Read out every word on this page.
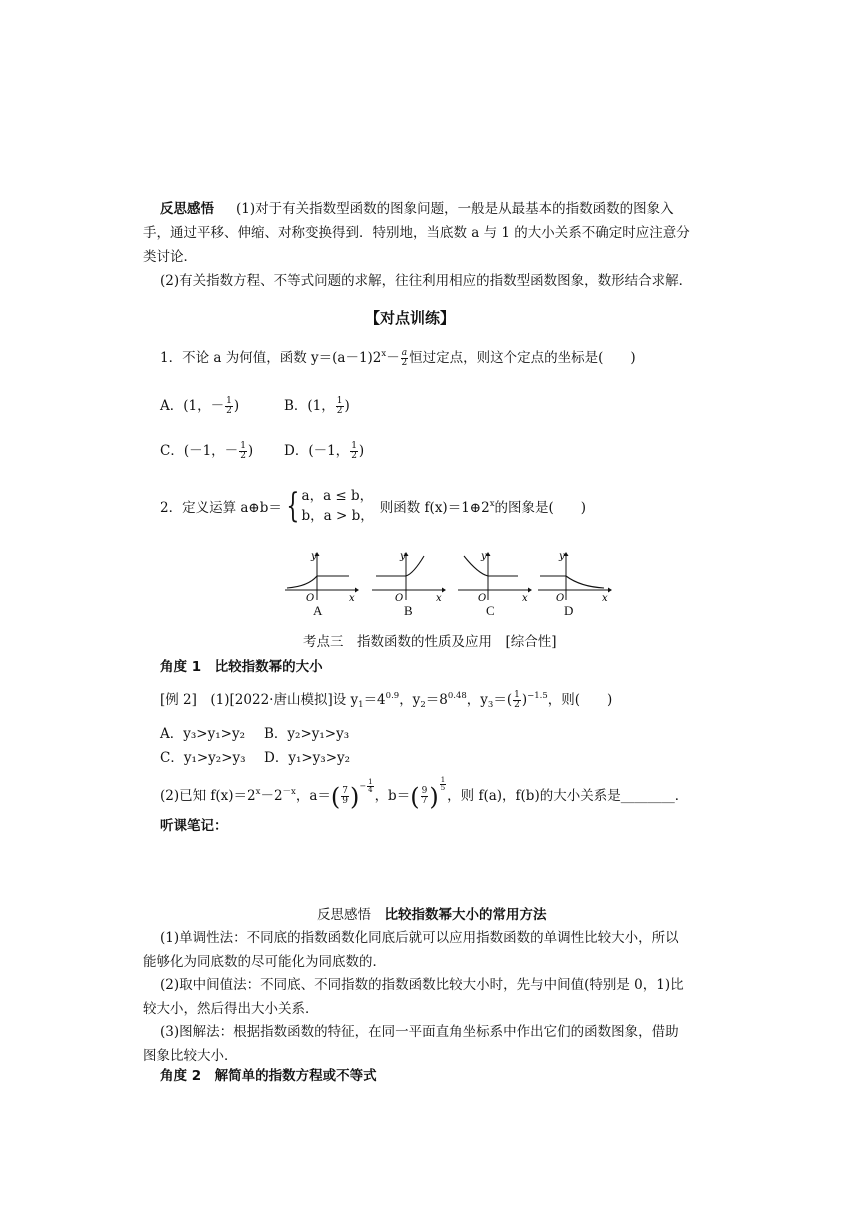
反思感悟 (1)对于有关指数型函数的图象问题，一般是从最基本的指数函数的图象入
手，通过平移、伸缩、对称变换得到．特别地，当底数 a 与 1 的大小关系不确定时应注意分
类讨论．
(2)有关指数方程、不等式问题的求解，往往利用相应的指数型函数图象，数形结合求解．
【对点训练】
1．不论 a 为何值，函数 $y=(a-1)2^x- \frac{a}{2}$ 恒过定点，则这个定点的坐标是(　　)
A．(1，－ $\frac{1}{2}$ )	B．(1， $\frac{1}{2}$ )
C．(－1，－ $\frac{1}{2}$ ) D．(－1， $\frac{1}{2}$ )
2．定义运算 a⊕b＝ { a，a ≤ b，
b，a > b， 则函数 $f(x)=1\oplus 2^x$的图象是(　　)
y
x
O
y
x
O
y
x
O
y
x
O
A	B	C	D
考点三　指数函数的性质及应用　[综合性]
角度 1　比较指数幂的大小
[例 2]　(1)[2022·唐山模拟]设 $y_1=4^{0.9}$，$y_2=8^{0.48}$，$y_3=( \frac{1}{2} )^{-1.5}$，则(　　)
A．y₃>y₁>y₂ B．y₂>y₁>y₃
C．y₁>y₂>y₃ D．y₁>y₃>y₂
(2)已知 $f(x)=2^x-2^{-x}$，$a=( \frac{7}{9}$ )− $\frac{1}{4}$
，$b=( \frac{9}{7}$ ) $\frac{1}{5}$
，则 f(a)，f(b)的大小关系是________．
听课笔记：
反思感悟　比较指数幂大小的常用方法
(1)单调性法：不同底的指数函数化同底后就可以应用指数函数的单调性比较大小，所以
能够化为同底数的尽可能化为同底数的．
(2)取中间值法：不同底、不同指数的指数函数比较大小时，先与中间值(特别是 0，1)比
较大小，然后得出大小关系．
(3)图解法：根据指数函数的特征，在同一平面直角坐标系中作出它们的函数图象，借助
图象比较大小．
角度 2　解简单的指数方程或不等式
